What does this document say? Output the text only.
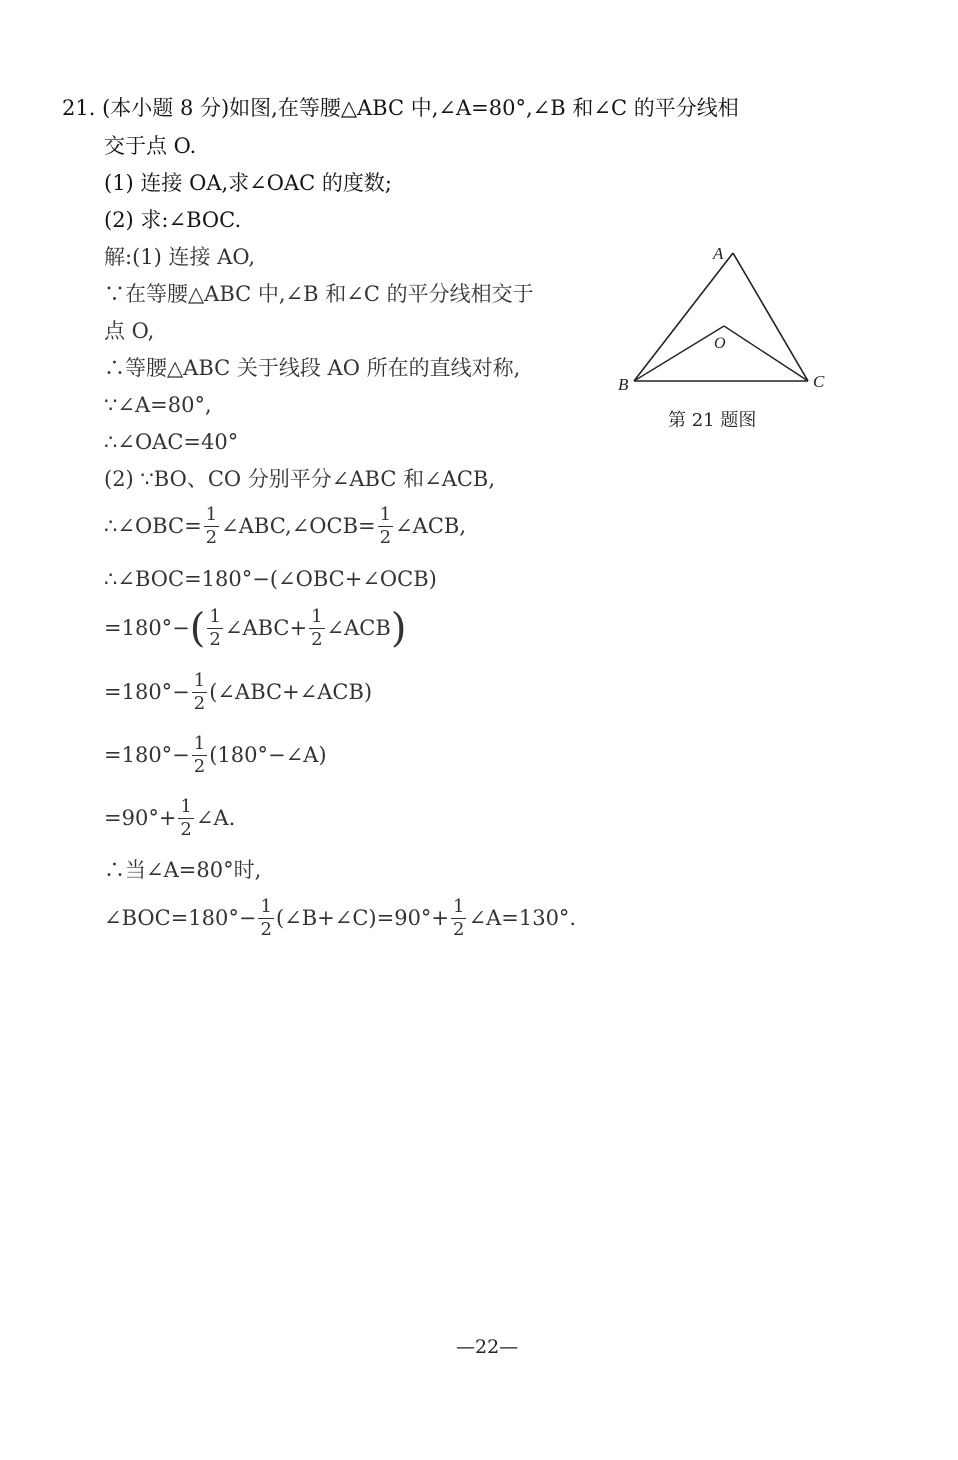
21. (本小题 8 分)如图,在等腰△ABC 中,∠A=80°,∠B 和∠C 的平分线相
交于点 O.
(1) 连接 OA,求∠OAC 的度数;
(2) 求:∠BOC.
解:(1) 连接 AO,
∵在等腰△ABC 中,∠B 和∠C 的平分线相交于
点 O,
∴等腰△ABC 关于线段 AO 所在的直线对称,
∵∠A=80°,
∴∠OAC=40°
(2) ∵BO、CO 分别平分∠ABC 和∠ACB,
∴∠OBC= $\frac{1}{2}$ ∠ABC,∠OCB= $\frac{1}{2}$ ∠ACB,
∴∠BOC=180°−(∠OBC+∠OCB)
$=180^\circ-( \frac{1}{2}$ ∠ABC+ $\frac{1}{2}$ ∠ACB)
$=180^\circ- \frac{1}{2}$ (∠ABC+∠ACB)
$=180^\circ- \frac{1}{2}$ (180°−∠A)
$=90^\circ+ \frac{1}{2}$ ∠A.
∴当∠A=80°时,
∠BOC=180°− $\frac{1}{2}$ (∠B+∠C)=90°+ $\frac{1}{2}$ ∠A=130°.
A
B	C
O
第 21 题图
—22—
